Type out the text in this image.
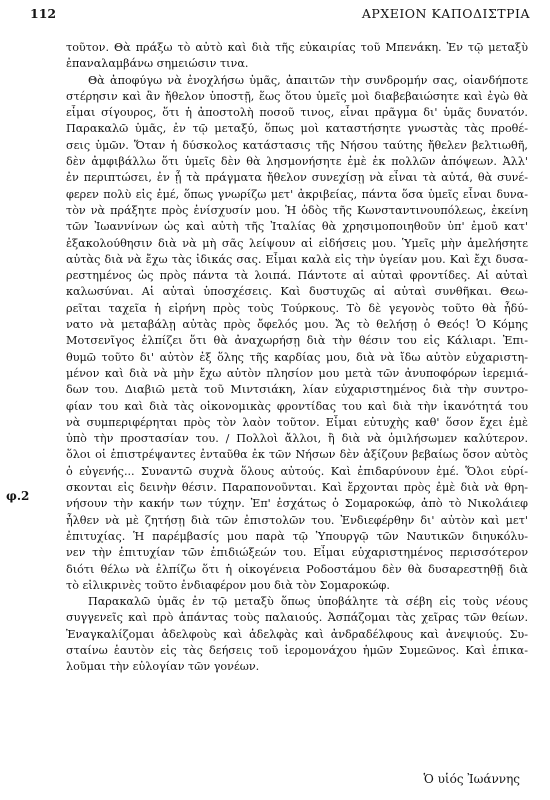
112	ΑΡΧΕΙΟΝ ΚΑΠΟΔΙΣΤΡΙΑ
φ.2
τοῦτον. Θὰ πράξω τὸ αὐτὸ καὶ διὰ τῆς εὐκαιρίας τοῦ Μπενάκη. Ἐν τῷ μεταξὺ
ἐπαναλαμβάνω σημειώσιν τινα.
Θὰ ἀποφύγω νὰ ἐνοχλήσω ὑμᾶς, ἀπαιτῶν τὴν συνδρομήν σας, οἱανδήποτε
στέρησιν καὶ ἂν ἤθελον ὑποστῇ, ἕως ὅτου ὑμεῖς μοὶ διαβεβαιώσητε καὶ ἐγὼ θὰ
εἶμαι σίγουρος, ὅτι ἡ ἀποστολὴ ποσοῦ τινος, εἶναι πρᾶγμα δι' ὑμᾶς δυνατόν.
Παρακαλῶ ὑμᾶς, ἐν τῷ μεταξύ, ὅπως μοὶ καταστήσητε γνωστὰς τὰς προθέ-
σεις ὑμῶν. Ὅταν ἡ δύσκολος κατάστασις τῆς Νήσου ταύτης ἤθελεν βελτιωθῆ,
δὲν ἀμφιβάλλω ὅτι ὑμεῖς δὲν θὰ λησμονήσητε ἐμὲ ἐκ πολλῶν ἀπόψεων. Ἀλλ'
ἐν περιπτώσει, ἐν ᾗ τὰ πράγματα ἤθελον συνεχίσῃ νὰ εἶναι τὰ αὐτά, θὰ συνέ-
φερεν πολὺ εἰς ἐμέ, ὅπως γνωρίζω μετ' ἀκριβείας, πάντα ὅσα ὑμεῖς εἶναι δυνα-
τὸν νὰ πράξητε πρὸς ἐνίσχυσίν μου. Ἡ ὁδὸς τῆς Κωνσταντινουπόλεως, ἐκείνη
τῶν Ἰωαννίνων ὡς καὶ αὐτὴ τῆς Ἰταλίας θὰ χρησιμοποιηθοῦν ὑπ' ἐμοῦ κατ'
ἐξακολούθησιν διὰ νὰ μὴ σᾶς λείψουν αἱ εἰδήσεις μου. Ὑμεῖς μὴν ἀμελήσητε
αὐτὰς διὰ νὰ ἔχω τὰς ἰδικάς σας. Εἶμαι καλὰ εἰς τὴν ὑγείαν μου. Καὶ ἔχι δυσα-
ρεστημένος ὡς πρὸς πάντα τὰ λοιπά. Πάντοτε αἱ αὐταὶ φροντίδες. Αἱ αὐταὶ
καλωσύναι. Αἱ αὐταὶ ὑποσχέσεις. Καὶ δυστυχῶς αἱ αὐταὶ συνθῆκαι. Θεω-
ρεῖται ταχεῖα ἡ εἰρήνη πρὸς τοὺς Τούρκους. Τὸ δὲ γεγονὸς τοῦτο θὰ ἦδύ-
νατο νὰ μεταβάλῃ αὐτὰς πρὸς ὄφελός μου. Ἄς τὸ θελήσῃ ὁ Θεός! Ὁ Κόμης
Μοτσενῖγος ἐλπίζει ὅτι θὰ ἀναχωρήσῃ διὰ τὴν θέσιν του εἰς Κάλιαρι. Ἐπι-
θυμῶ τοῦτο δι' αὐτὸν ἐξ ὅλης τῆς καρδίας μου, διὰ νὰ ἴδω αὐτὸν εὐχαριστη-
μένον καὶ διὰ νὰ μὴν ἔχω αὐτὸν πλησίον μου μετὰ τῶν ἀνυποφόρων ἱερεμιά-
δων του. Διαβιῶ μετὰ τοῦ Μιντσιάκη, λίαν εὐχαριστημένος διὰ τὴν συντρο-
φίαν του καὶ διὰ τὰς οἰκονομικὰς φροντίδας του καὶ διὰ τὴν ἱκανότητά του
νὰ συμπεριφέρηται πρὸς τὸν λαὸν τοῦτον. Εἶμαι εὐτυχὴς καθ' ὅσον ἔχει ἐμὲ
ὑπὸ τὴν προστασίαν του. / Πολλοὶ ἄλλοι, ἢ διὰ νὰ ὁμιλήσωμεν καλύτερον.
ὅλοι οἱ ἐπιστρέψαντες ἐνταῦθα ἐκ τῶν Νήσων δὲν ἀξίζουν βεβαίως ὅσον αὐτὸς
ὁ εὐγενής... Συναντῶ συχνὰ ὅλους αὐτούς. Καὶ ἐπιδαρύνουν ἐμέ. Ὅλοι εὑρί-
σκονται εἰς δεινὴν θέσιν. Παραπονοῦνται. Καὶ ἔρχονται πρὸς ἐμὲ διὰ νὰ θρη-
νήσουν τὴν κακήν των τύχην. Ἐπ' ἐσχάτως ὁ Σομαροκώφ, ἀπὸ τὸ Νικολάιεφ
ἦλθεν νὰ μὲ ζητήσῃ διὰ τῶν ἐπιστολῶν του. Ἐνδιεφέρθην δι' αὐτὸν καὶ μετ'
ἐπιτυχίας. Ἡ παρέμβασίς μου παρὰ τῷ Ὑπουργῷ τῶν Ναυτικῶν διηυκόλυ-
νεν τὴν ἐπιτυχίαν τῶν ἐπιδιώξεών του. Εἶμαι εὐχαριστημένος περισσότερον
διότι θέλω νὰ ἐλπίζω ὅτι ἡ οἰκογένεια Ροδοστάμου δὲν θὰ δυσαρεστηθῇ διὰ
τὸ εἰλικρινὲς τοῦτο ἐνδιαφέρον μου διὰ τὸν Σομαροκώφ.
Παρακαλῶ ὑμᾶς ἐν τῷ μεταξὺ ὅπως ὑποβάλητε τὰ σέβη εἰς τοὺς νέους
συγγενεῖς καὶ πρὸ ἁπάντας τοὺς παλαιούς. Ἀσπάζομαι τὰς χεῖρας τῶν θείων.
Ἐναγκαλίζομαι ἀδελφοὺς καὶ ἀδελφὰς καὶ ἀνδραδέλφους καὶ ἀνεψιούς. Συ-
σταίνω ἑαυτὸν εἰς τὰς δεήσεις τοῦ ἱερομονάχου ἡμῶν Συμεῶνος. Καὶ ἐπικα-
λοῦμαι τὴν εὐλογίαν τῶν γονέων.
Ὁ υἱός Ἰωάννης
